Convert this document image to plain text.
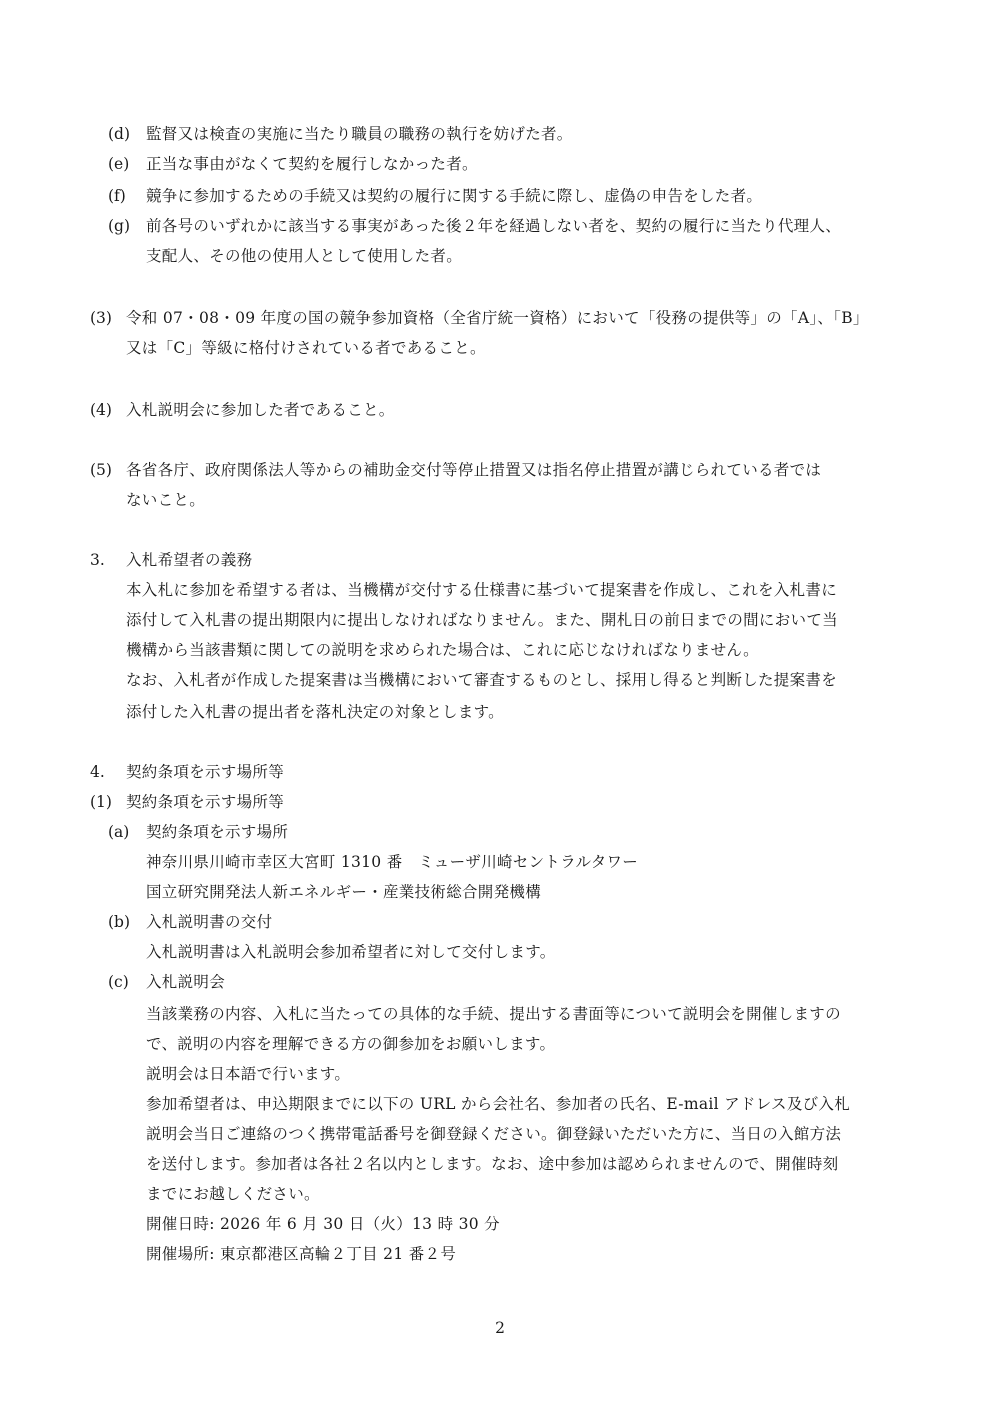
(d) 監督又は検査の実施に当たり職員の職務の執行を妨げた者。
(e) 正当な事由がなくて契約を履行しなかった者。
(f) 競争に参加するための手続又は契約の履行に関する手続に際し、虚偽の申告をした者。
(g) 前各号のいずれかに該当する事実があった後２年を経過しない者を、契約の履行に当たり代理人、
支配人、その他の使用人として使用した者。
(3) 令和 07・08・09 年度の国の競争参加資格（全省庁統一資格）において「役務の提供等」の「A」、「B」
又は「C」等級に格付けされている者であること。
(4) 入札説明会に参加した者であること。
(5) 各省各庁、政府関係法人等からの補助金交付等停止措置又は指名停止措置が講じられている者では
ないこと。
3. 入札希望者の義務
本入札に参加を希望する者は、当機構が交付する仕様書に基づいて提案書を作成し、これを入札書に
添付して入札書の提出期限内に提出しなければなりません。また、開札日の前日までの間において当
機構から当該書類に関しての説明を求められた場合は、これに応じなければなりません。
なお、入札者が作成した提案書は当機構において審査するものとし、採用し得ると判断した提案書を
添付した入札書の提出者を落札決定の対象とします。
4. 契約条項を示す場所等
(1) 契約条項を示す場所等
(a) 契約条項を示す場所
神奈川県川崎市幸区大宮町 1310 番　ミューザ川崎セントラルタワー
国立研究開発法人新エネルギー・産業技術総合開発機構
(b) 入札説明書の交付
入札説明書は入札説明会参加希望者に対して交付します。
(c) 入札説明会
当該業務の内容、入札に当たっての具体的な手続、提出する書面等について説明会を開催しますの
で、説明の内容を理解できる方の御参加をお願いします。
説明会は日本語で行います。
参加希望者は、申込期限までに以下の URL から会社名、参加者の氏名、E-mail アドレス及び入札
説明会当日ご連絡のつく携帯電話番号を御登録ください。御登録いただいた方に、当日の入館方法
を送付します。参加者は各社２名以内とします。なお、途中参加は認められませんので、開催時刻
までにお越しください。
開催日時: 2026 年 6 月 30 日（火）13 時 30 分
開催場所: 東京都港区高輪２丁目 21 番２号
2
